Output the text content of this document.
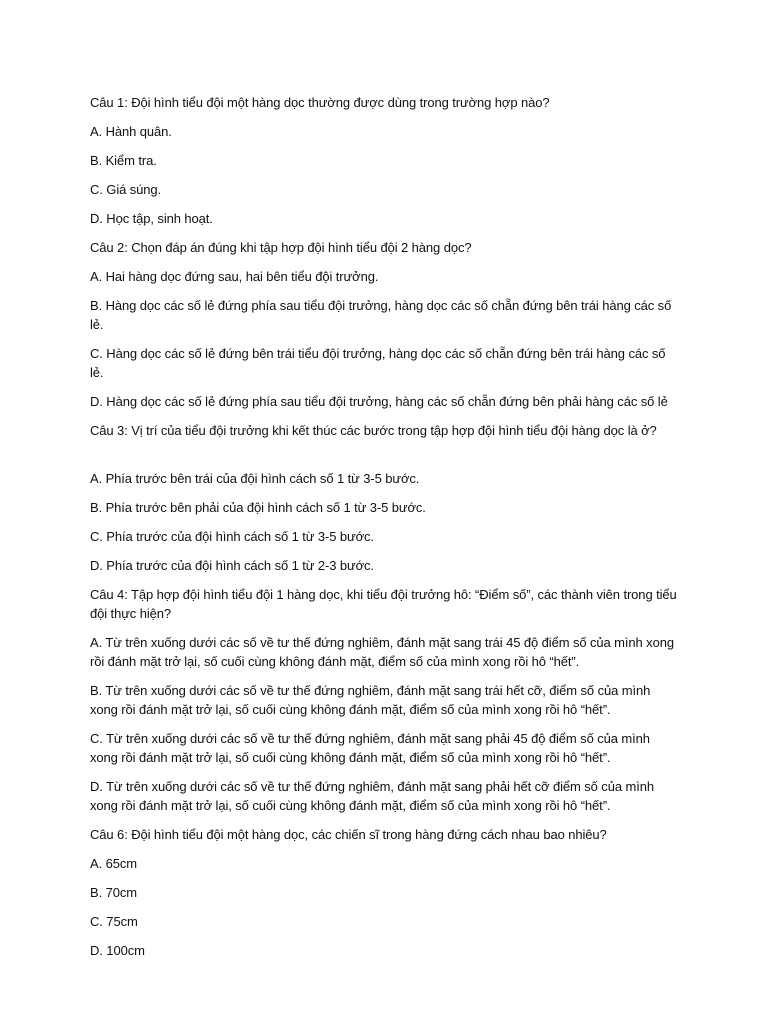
Câu 1: Đội hình tiểu đội một hàng dọc thường được dùng trong trường hợp nào?

A. Hành quân.

B. Kiểm tra.

C. Giá súng.

D. Học tập, sinh hoạt.

Câu 2: Chọn đáp án đúng khi tập hợp đội hình tiểu đội 2 hàng dọc?

A. Hai hàng dọc đứng sau, hai bên tiểu đội trưởng.

B. Hàng dọc các số lẻ đứng phía sau tiểu đội trưởng, hàng dọc các số chẵn đứng bên trái hàng các số lẻ.

C. Hàng dọc các số lẻ đứng bên trái tiểu đội trưởng, hàng dọc các số chẵn đứng bên trái hàng các số lẻ.

D. Hàng dọc các số lẻ đứng phía sau tiểu đội trưởng, hàng các số chẵn đứng bên phải hàng các số lẻ

Câu 3: Vị trí của tiểu đội trưởng khi kết thúc các bước trong tập hợp đội hình tiểu đội hàng dọc là ở?

A. Phía trước bên trái của đội hình cách số 1 từ 3-5 bước.

B. Phía trước bên phải của đội hình cách số 1 từ 3-5 bước.

C. Phía trước của đội hình cách số 1 từ 3-5 bước.

D. Phía trước của đội hình cách số 1 từ 2-3 bước.

Câu 4: Tập hợp đội hình tiểu đội 1 hàng dọc, khi tiểu đội trưởng hô: “Điểm số”, các thành viên trong tiểu đội thực hiện?

A. Từ trên xuống dưới các số về tư thế đứng nghiêm, đánh mặt sang trái 45 độ điểm số của mình xong rồi đánh mặt trở lại, số cuối cùng không đánh mặt, điểm số của mình xong rồi hô “hết”.

B. Từ trên xuống dưới các số về tư thế đứng nghiêm, đánh mặt sang trái hết cỡ, điểm số của mình xong rồi đánh mặt trở lại, số cuối cùng không đánh mặt, điểm số của mình xong rồi hô “hết”.

C. Từ trên xuống dưới các số về tư thế đứng nghiêm, đánh mặt sang phải 45 độ điểm số của mình xong rồi đánh mặt trở lại, số cuối cùng không đánh mặt, điểm số của mình xong rồi hô “hết”.

D. Từ trên xuống dưới các số về tư thế đứng nghiêm, đánh mặt sang phải hết cỡ điểm số của mình xong rồi đánh mặt trở lại, số cuối cùng không đánh mặt, điểm số của mình xong rồi hô “hết”.

Câu 6: Đội hình tiểu đội một hàng dọc, các chiến sĩ trong hàng đứng cách nhau bao nhiêu?

A. 65cm

B. 70cm

C. 75cm

D. 100cm
